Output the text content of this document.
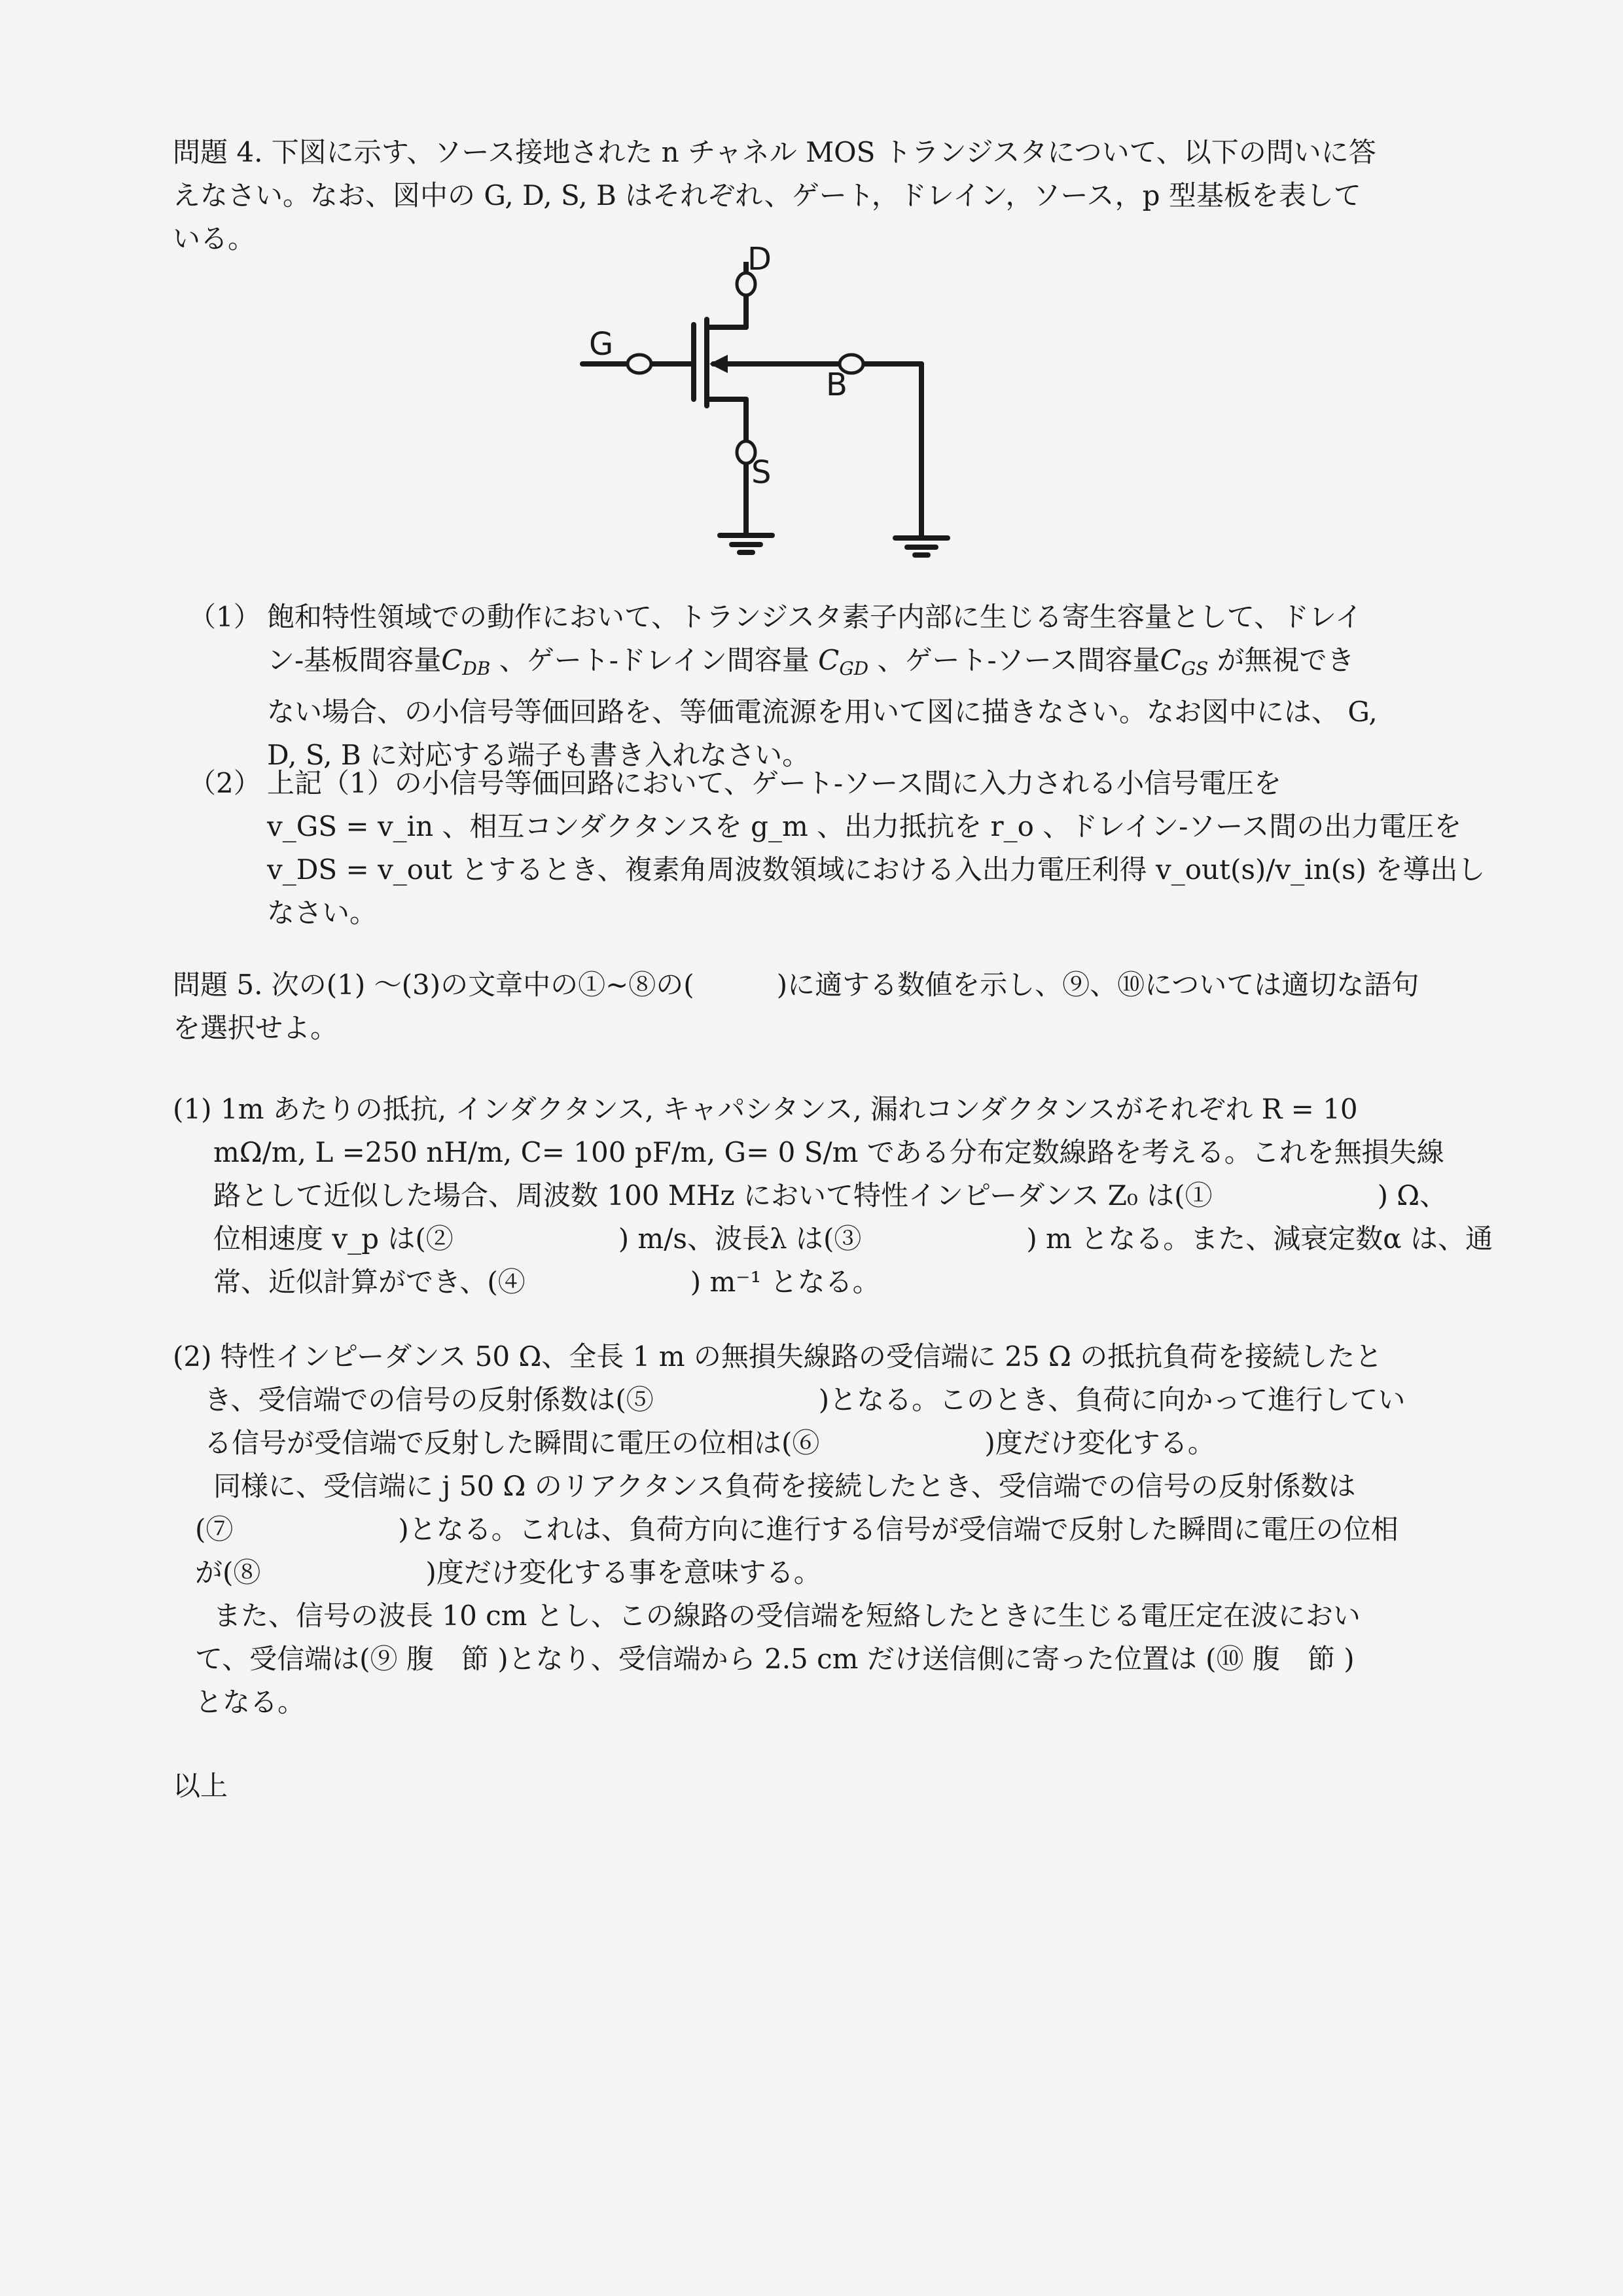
問題 4. 下図に示す、ソース接地された n チャネル MOS トランジスタについて、以下の問いに答
えなさい。なお、図中の G, D, S, B はそれぞれ、ゲート，ドレイン，ソース，p 型基板を表して
いる。
G
D
S
B
（1） 飽和特性領域での動作において、トランジスタ素子内部に生じる寄生容量として、ドレイ
ン-基板間容量$C_{DB}$ 、ゲート-ドレイン間容量 $C_{GD}$ 、ゲート-ソース間容量$C_{GS}$ が無視でき
ない場合、の小信号等価回路を、等価電流源を用いて図に描きなさい。なお図中には、 G,
D, S, B に対応する端子も書き入れなさい。
（2） 上記（1）の小信号等価回路において、ゲート-ソース間に入力される小信号電圧を
v_GS = v_in 、相互コンダクタンスを g_m 、出力抵抗を r_o 、ドレイン-ソース間の出力電圧を
v_DS = v_out とするとき、複素角周波数領域における入出力電圧利得 v_out(s)/v_in(s) を導出し
なさい。
問題 5. 次の(1) ～(3)の文章中の①~⑧の(　　　)に適する数値を示し、⑨、⑩については適切な語句
を選択せよ。
(1) 1m あたりの抵抗, インダクタンス, キャパシタンス, 漏れコンダクタンスがそれぞれ R = 10
mΩ/m, L =250 nH/m, C= 100 pF/m, G= 0 S/m である分布定数線路を考える。これを無損失線
路として近似した場合、周波数 100 MHz において特性インピーダンス Z₀ は(①　　　　　　) Ω、
位相速度 v_p は(②　　　　　　) m/s、波長λ は(③　　　　　　) m となる。また、減衰定数α は、通
常、近似計算ができ、(④　　　　　　) m⁻¹ となる。
(2) 特性インピーダンス 50 Ω、全長 1 m の無損失線路の受信端に 25 Ω の抵抗負荷を接続したと
き、受信端での信号の反射係数は(⑤　　　　　　)となる。このとき、負荷に向かって進行してい
る信号が受信端で反射した瞬間に電圧の位相は(⑥　　　　　　)度だけ変化する。
同様に、受信端に j 50 Ω のリアクタンス負荷を接続したとき、受信端での信号の反射係数は
(⑦　　　　　　)となる。これは、負荷方向に進行する信号が受信端で反射した瞬間に電圧の位相
が(⑧　　　　　　)度だけ変化する事を意味する。
また、信号の波長 10 cm とし、この線路の受信端を短絡したときに生じる電圧定在波におい
て、受信端は(⑨ 腹　節 )となり、受信端から 2.5 cm だけ送信側に寄った位置は (⑩ 腹　節 )
となる。
以上
